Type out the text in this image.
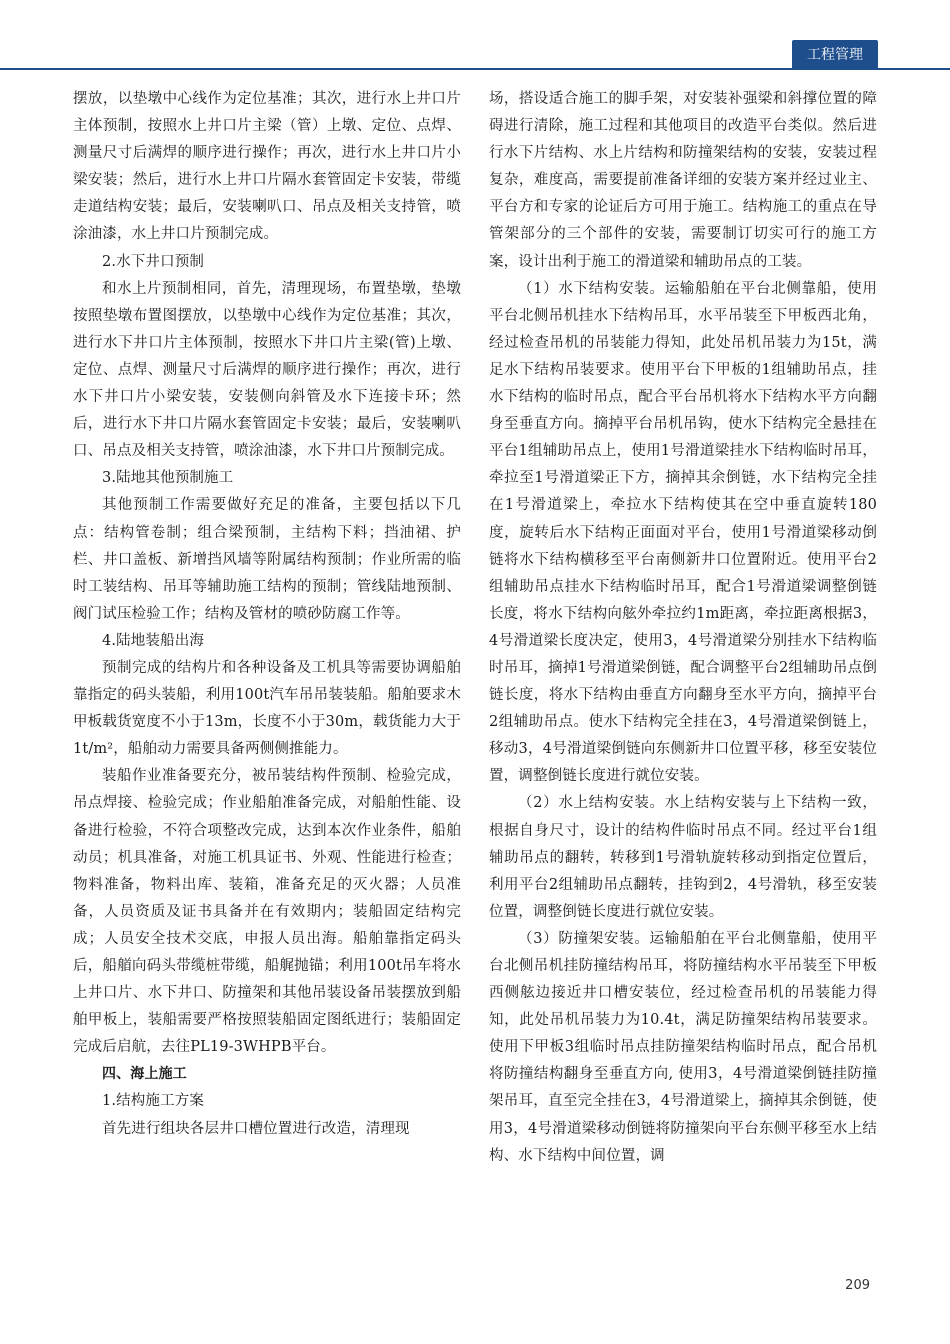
工程管理

摆放，以垫墩中心线作为定位基准；其次，进行水上井口片主体预制，按照水上井口片主梁（管）上墩、定位、点焊、测量尺寸后满焊的顺序进行操作；再次，进行水上井口片小梁安装；然后，进行水上井口片隔水套管固定卡安装，带缆走道结构安装；最后，安装喇叭口、吊点及相关支持管，喷涂油漆，水上井口片预制完成。

2.水下井口预制

和水上片预制相同，首先，清理现场，布置垫墩，垫墩按照垫墩布置图摆放，以垫墩中心线作为定位基准；其次，进行水下井口片主体预制，按照水下井口片主梁(管)上墩、定位、点焊、测量尺寸后满焊的顺序进行操作；再次，进行水下井口片小梁安装，安装侧向斜管及水下连接卡环；然后，进行水下井口片隔水套管固定卡安装；最后，安装喇叭口、吊点及相关支持管，喷涂油漆，水下井口片预制完成。

3.陆地其他预制施工

其他预制工作需要做好充足的准备，主要包括以下几点：结构管卷制；组合梁预制，主结构下料；挡油裙、护栏、井口盖板、新增挡风墙等附属结构预制；作业所需的临时工装结构、吊耳等辅助施工结构的预制；管线陆地预制、阀门试压检验工作；结构及管材的喷砂防腐工作等。

4.陆地装船出海

预制完成的结构片和各种设备及工机具等需要协调船舶靠指定的码头装船，利用100t汽车吊吊装装船。船舶要求木甲板载货宽度不小于13m，长度不小于30m，载货能力大于1t/m²，船舶动力需要具备两侧侧推能力。

装船作业准备要充分，被吊装结构件预制、检验完成，吊点焊接、检验完成；作业船舶准备完成，对船舶性能、设备进行检验，不符合项整改完成，达到本次作业条件，船舶动员；机具准备，对施工机具证书、外观、性能进行检查；物料准备，物料出库、装箱，准备充足的灭火器；人员准备，人员资质及证书具备并在有效期内；装船固定结构完成；人员安全技术交底，申报人员出海。船舶靠指定码头后，船艏向码头带缆桩带缆，船艉抛锚；利用100t吊车将水上井口片、水下井口、防撞架和其他吊装设备吊装摆放到船舶甲板上，装船需要严格按照装船固定图纸进行；装船固定完成后启航，去往PL19-3WHPB平台。

四、海上施工

1.结构施工方案

首先进行组块各层井口槽位置进行改造，清理现

场，搭设适合施工的脚手架，对安装补强梁和斜撑位置的障碍进行清除，施工过程和其他项目的改造平台类似。然后进行水下片结构、水上片结构和防撞架结构的安装，安装过程复杂，难度高，需要提前准备详细的安装方案并经过业主、平台方和专家的论证后方可用于施工。结构施工的重点在导管架部分的三个部件的安装，需要制订切实可行的施工方案，设计出利于施工的滑道梁和辅助吊点的工装。

（1）水下结构安装。运输船舶在平台北侧靠船，使用平台北侧吊机挂水下结构吊耳，水平吊装至下甲板西北角，经过检查吊机的吊装能力得知，此处吊机吊装力为15t，满足水下结构吊装要求。使用平台下甲板的1组辅助吊点，挂水下结构的临时吊点，配合平台吊机将水下结构水平方向翻身至垂直方向。摘掉平台吊机吊钩，使水下结构完全悬挂在平台1组辅助吊点上，使用1号滑道梁挂水下结构临时吊耳，牵拉至1号滑道梁正下方，摘掉其余倒链，水下结构完全挂在1号滑道梁上，牵拉水下结构使其在空中垂直旋转180度，旋转后水下结构正面面对平台，使用1号滑道梁移动倒链将水下结构横移至平台南侧新井口位置附近。使用平台2组辅助吊点挂水下结构临时吊耳，配合1号滑道梁调整倒链长度，将水下结构向舷外牵拉约1m距离，牵拉距离根据3，4号滑道梁长度决定，使用3，4号滑道梁分别挂水下结构临时吊耳，摘掉1号滑道梁倒链，配合调整平台2组辅助吊点倒链长度，将水下结构由垂直方向翻身至水平方向，摘掉平台2组辅助吊点。使水下结构完全挂在3，4号滑道梁倒链上，移动3，4号滑道梁倒链向东侧新井口位置平移，移至安装位置，调整倒链长度进行就位安装。

（2）水上结构安装。水上结构安装与上下结构一致，根据自身尺寸，设计的结构件临时吊点不同。经过平台1组辅助吊点的翻转，转移到1号滑轨旋转移动到指定位置后，利用平台2组辅助吊点翻转，挂钩到2，4号滑轨，移至安装位置，调整倒链长度进行就位安装。

（3）防撞架安装。运输船舶在平台北侧靠船，使用平台北侧吊机挂防撞结构吊耳，将防撞结构水平吊装至下甲板西侧舷边接近井口槽安装位，经过检查吊机的吊装能力得知，此处吊机吊装力为10.4t，满足防撞架结构吊装要求。使用下甲板3组临时吊点挂防撞架结构临时吊点，配合吊机将防撞结构翻身至垂直方向, 使用3，4号滑道梁倒链挂防撞架吊耳，直至完全挂在3，4号滑道梁上，摘掉其余倒链，使用3，4号滑道梁移动倒链将防撞架向平台东侧平移至水上结构、水下结构中间位置，调

209
